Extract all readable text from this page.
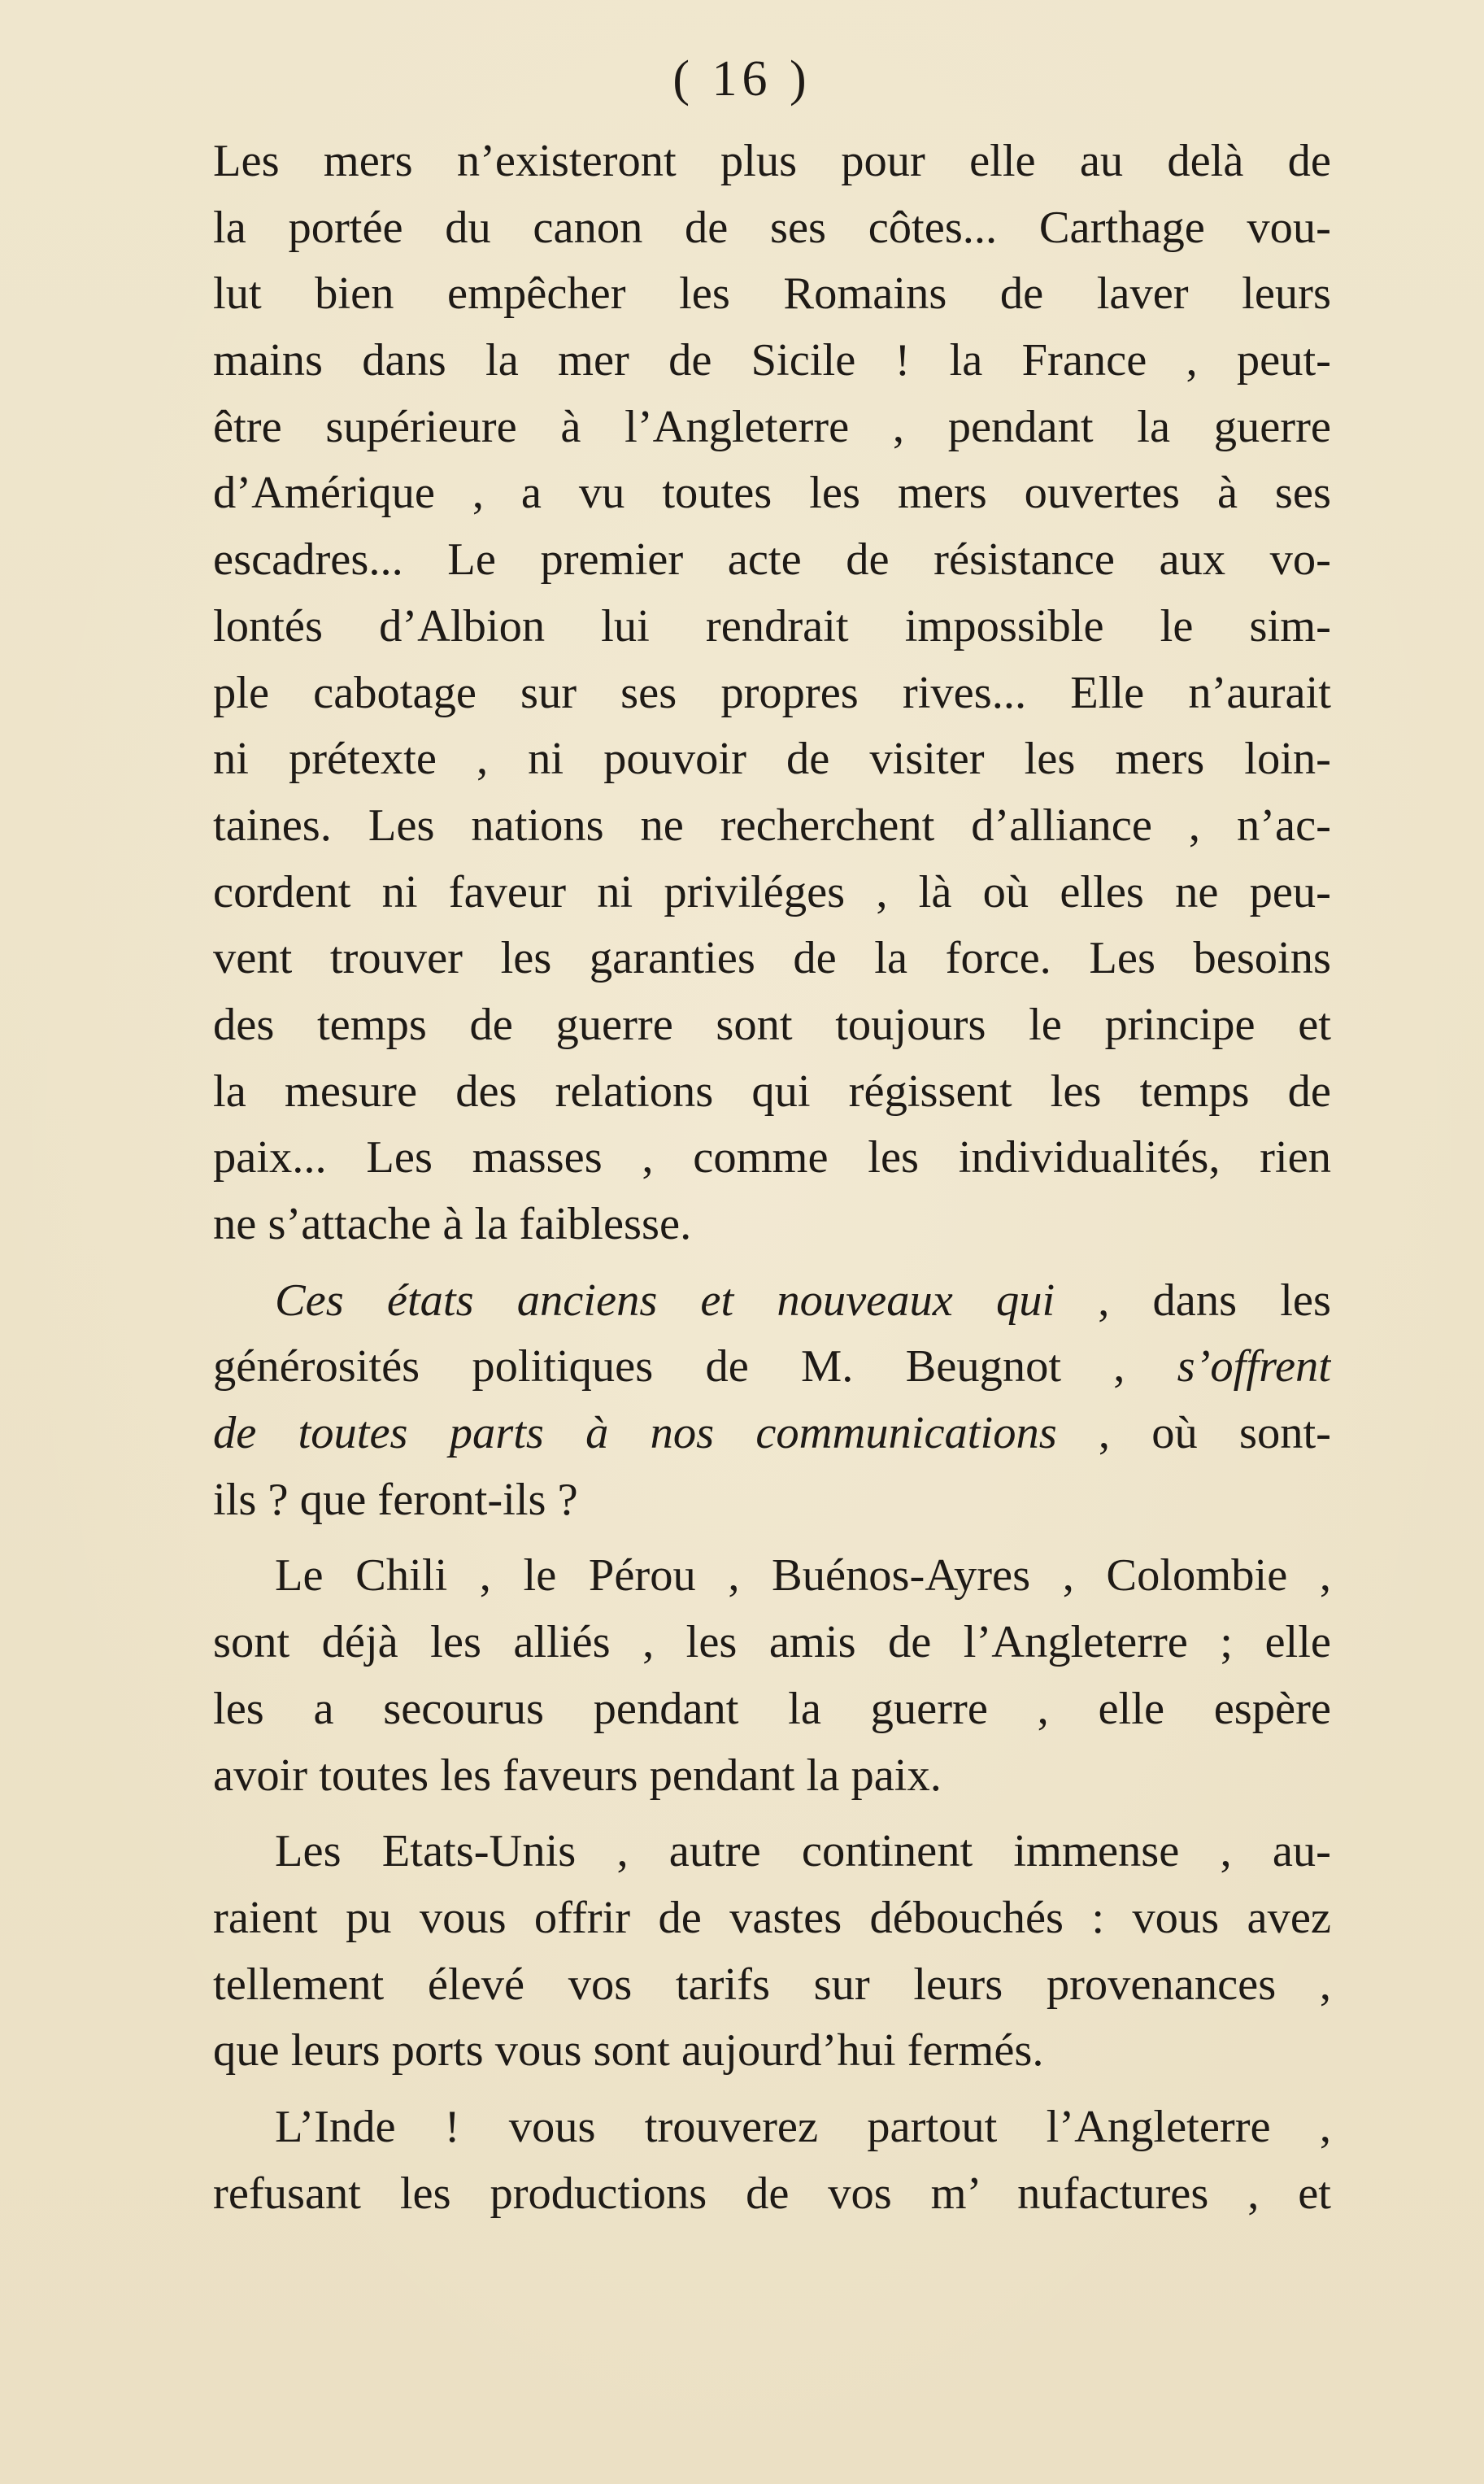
( 16 )
Les mers n’existeront plus pour elle au delà de
la portée du canon de ses côtes... Carthage vou-
lut bien empêcher les Romains de laver leurs
mains dans la mer de Sicile ! la France , peut-
être supérieure à l’Angleterre , pendant la guerre
d’Amérique , a vu toutes les mers ouvertes à ses
escadres... Le premier acte de résistance aux vo-
lontés d’Albion lui rendrait impossible le sim-
ple cabotage sur ses propres rives... Elle n’aurait
ni prétexte , ni pouvoir de visiter les mers loin-
taines. Les nations ne recherchent d’alliance , n’ac-
cordent ni faveur ni priviléges , là où elles ne peu-
vent trouver les garanties de la force. Les besoins
des temps de guerre sont toujours le principe et
la mesure des relations qui régissent les temps de
paix... Les masses , comme les individualités, rien
ne s’attache à la faiblesse.
Ces états anciens et nouveaux qui , dans les
générosités politiques de M. Beugnot , s’offrent
de toutes parts à nos communications , où sont-
ils ? que feront-ils ?
Le Chili , le Pérou , Buénos-Ayres , Colombie ,
sont déjà les alliés , les amis de l’Angleterre ; elle
les a secourus pendant la guerre , elle espère
avoir toutes les faveurs pendant la paix.
Les Etats-Unis , autre continent immense , au-
raient pu vous offrir de vastes débouchés : vous avez
tellement élevé vos tarifs sur leurs provenances ,
que leurs ports vous sont aujourd’hui fermés.
L’Inde ! vous trouverez partout l’Angleterre ,
refusant les productions de vos m’ nufactures , et
